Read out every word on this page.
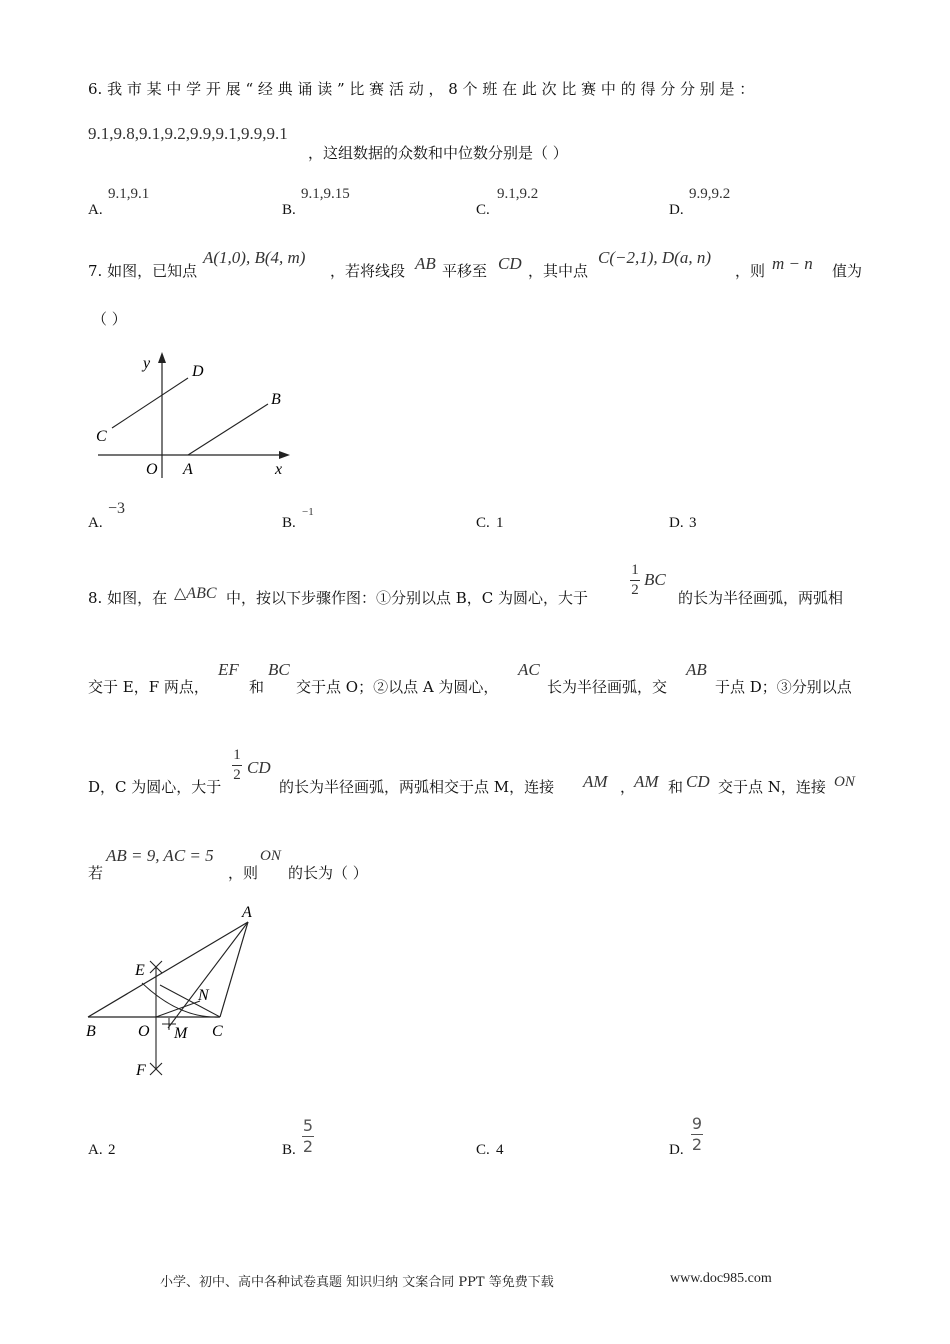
6. 我 市 某 中 学 开 展 “ 经 典 诵 读 ” 比 赛 活 动 ， 8 个 班 在 此 次 比 赛 中 的 得 分 分 别 是 ：
9.1,9.8,9.1,9.2,9.9,9.1,9.9,9.1
，这组数据的众数和中位数分别是（ ）
A.
9.1,9.1
B.
9.1,9.15
C.
9.1,9.2
D.
9.9,9.2
7. 如图，已知点
A(1,0), B(4, m)
，若将线段 AB 平移至 CD ，其中点
C(−2,1), D(a, n)
，则 m − n 值为
（ ）
y	D
B
C
O A	x
A.
−3
B.
−1
C. 1	D. 3
8. 如图，在 △ABC 中，按以下步骤作图：①分别以点 B，C 为圆心，大于
1
2
BC
的长为半径画弧，两弧相
交于 E，F 两点，
EF
和
BC
交于点 O；②以点 A 为圆心，
AC
长为半径画弧，交
AB
于点 D；③分别以点
D，C 为圆心，大于
1
2 CD
的长为半径画弧，两弧相交于点 M，连接 AM ，
AM 和 CD 交于点 N，连接 ON
若
AB = 9, AC = 5
，则
ON
的长为（ ）
A
E
N
B	O M C
F
A. 2	B.
5
2	C. 4	D.
9
2
小学、初中、高中各种试卷真题 知识归纳 文案合同 PPT 等免费下载	www.doc985.com
